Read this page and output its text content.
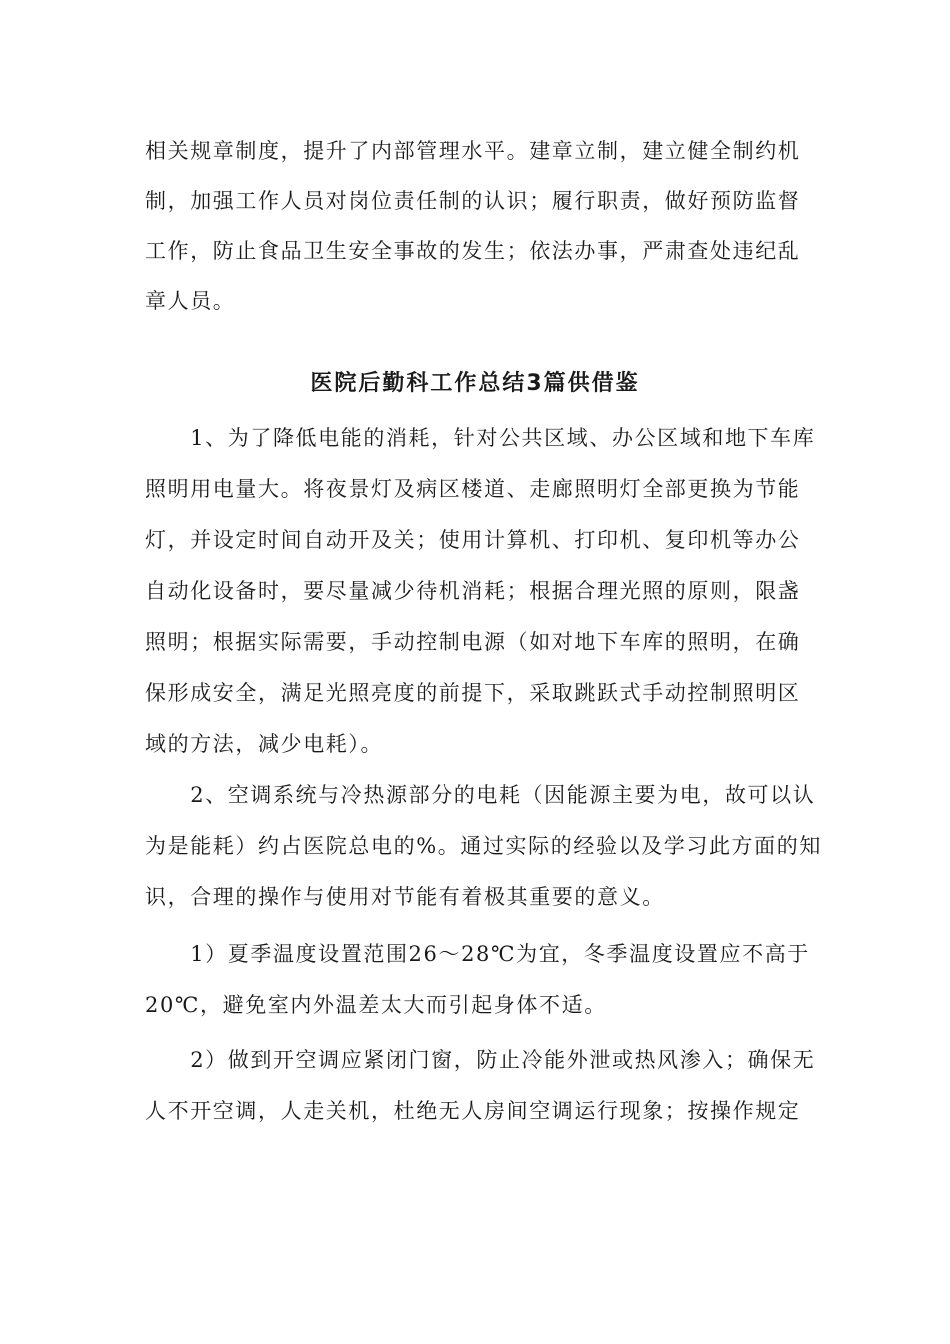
相关规章制度，提升了内部管理水平。建章立制，建立健全制约机
制，加强工作人员对岗位责任制的认识；履行职责，做好预防监督
工作，防止食品卫生安全事故的发生；依法办事，严肃查处违纪乱
章人员。
医院后勤科工作总结3篇供借鉴
　　1、为了降低电能的消耗，针对公共区域、办公区域和地下车库
照明用电量大。将夜景灯及病区楼道、走廊照明灯全部更换为节能
灯，并设定时间自动开及关；使用计算机、打印机、复印机等办公
自动化设备时，要尽量减少待机消耗；根据合理光照的原则，限盏
照明；根据实际需要，手动控制电源（如对地下车库的照明，在确
保形成安全，满足光照亮度的前提下，采取跳跃式手动控制照明区
域的方法，减少电耗）。
　　2、空调系统与冷热源部分的电耗（因能源主要为电，故可以认
为是能耗）约占医院总电的%。通过实际的经验以及学习此方面的知
识，合理的操作与使用对节能有着极其重要的意义。
　　1）夏季温度设置范围26～28℃为宜，冬季温度设置应不高于
20℃，避免室内外温差太大而引起身体不适。
　　2）做到开空调应紧闭门窗，防止冷能外泄或热风渗入；确保无
人不开空调，人走关机，杜绝无人房间空调运行现象；按操作规定
